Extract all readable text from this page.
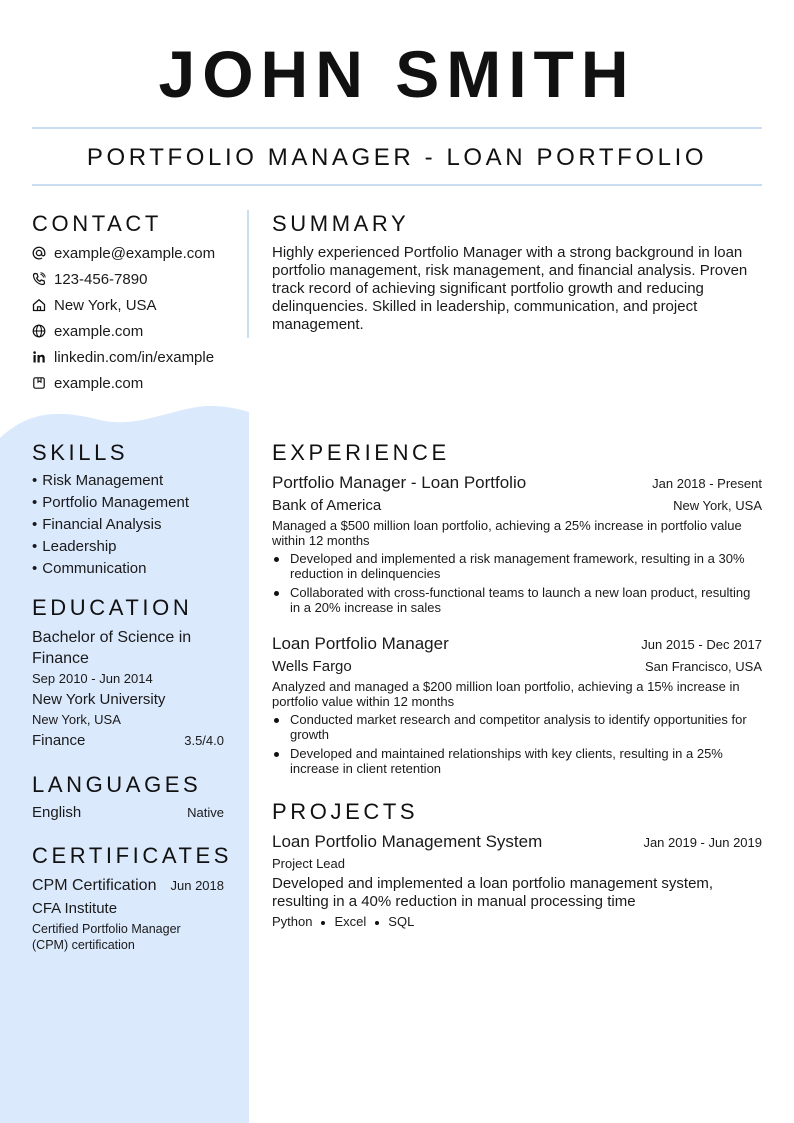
JOHN SMITH
PORTFOLIO MANAGER - LOAN PORTFOLIO
CONTACT
example@example.com
123-456-7890
New York, USA
example.com
linkedin.com/in/example
example.com
SKILLS
• Risk Management
• Portfolio Management
• Financial Analysis
• Leadership
• Communication
EDUCATION
Bachelor of Science in Finance
Sep 2010 - Jun 2014
New York University
New York, USA
Finance	3.5/4.0
LANGUAGES
English	Native
CERTIFICATES
CPM Certification Jun 2018
CFA Institute
Certified Portfolio Manager (CPM) certification
SUMMARY
Highly experienced Portfolio Manager with a strong background in loan portfolio management, risk management, and financial analysis. Proven track record of achieving significant portfolio growth and reducing delinquencies. Skilled in leadership, communication, and project management.
EXPERIENCE
Portfolio Manager - Loan Portfolio	Jan 2018 - Present
Bank of America	New York, USA
Managed a $500 million loan portfolio, achieving a 25% increase in portfolio value within 12 months
Developed and implemented a risk management framework, resulting in a 30% reduction in delinquencies
Collaborated with cross-functional teams to launch a new loan product, resulting in a 20% increase in sales
Loan Portfolio Manager	Jun 2015 - Dec 2017
Wells Fargo	San Francisco, USA
Analyzed and managed a $200 million loan portfolio, achieving a 15% increase in portfolio value within 12 months
Conducted market research and competitor analysis to identify opportunities for growth
Developed and maintained relationships with key clients, resulting in a 25% increase in client retention
PROJECTS
Loan Portfolio Management System	Jan 2019 - Jun 2019
Project Lead
Developed and implemented a loan portfolio management system, resulting in a 40% reduction in manual processing time
Python Excel SQL
